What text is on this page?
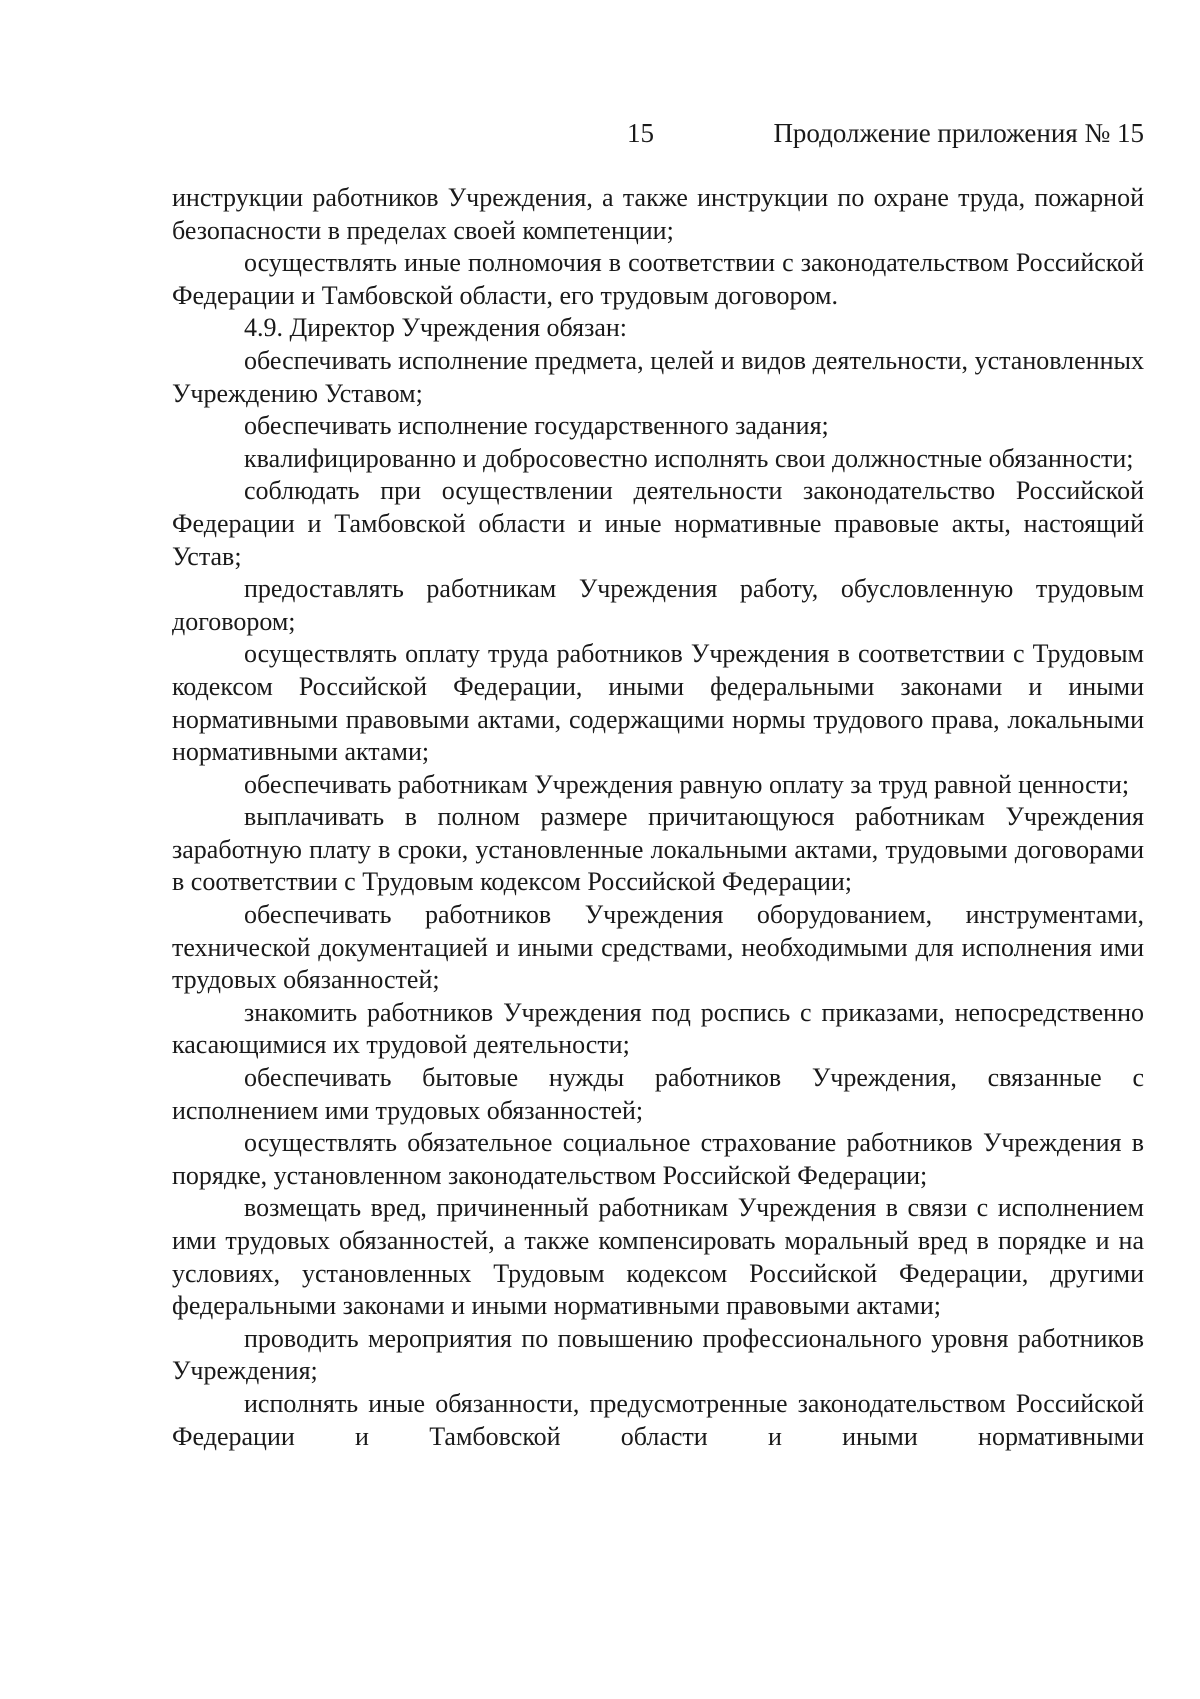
15	Продолжение приложения № 15

инструкции работников Учреждения, а также инструкции по охране труда, пожарной безопасности в пределах своей компетенции;

осуществлять иные полномочия в соответствии с законодательством Российской Федерации и Тамбовской области, его трудовым договором.

4.9. Директор Учреждения обязан:

обеспечивать исполнение предмета, целей и видов деятельности, установленных Учреждению Уставом;

обеспечивать исполнение государственного задания;

квалифицированно и добросовестно исполнять свои должностные обязанности;

соблюдать при осуществлении деятельности законодательство Российской Федерации и Тамбовской области и иные нормативные правовые акты, настоящий Устав;

предоставлять работникам Учреждения работу, обусловленную трудовым договором;

осуществлять оплату труда работников Учреждения в соответствии с Трудовым кодексом Российской Федерации, иными федеральными законами и иными нормативными правовыми актами, содержащими нормы трудового права, локальными нормативными актами;

обеспечивать работникам Учреждения равную оплату за труд равной ценности;

выплачивать в полном размере причитающуюся работникам Учреждения заработную плату в сроки, установленные локальными актами, трудовыми договорами в соответствии с Трудовым кодексом Российской Федерации;

обеспечивать работников Учреждения оборудованием, инструментами, технической документацией и иными средствами, необходимыми для исполнения ими трудовых обязанностей;

знакомить работников Учреждения под роспись с приказами, непосредственно касающимися их трудовой деятельности;

обеспечивать бытовые нужды работников Учреждения, связанные с исполнением ими трудовых обязанностей;

осуществлять обязательное социальное страхование работников Учреждения в порядке, установленном законодательством Российской Федерации;

возмещать вред, причиненный работникам Учреждения в связи с исполнением ими трудовых обязанностей, а также компенсировать моральный вред в порядке и на условиях, установленных Трудовым кодексом Российской Федерации, другими федеральными законами и иными нормативными правовыми актами;

проводить мероприятия по повышению профессионального уровня работников Учреждения;

исполнять иные обязанности, предусмотренные законодательством Российской Федерации и Тамбовской области и иными нормативными
